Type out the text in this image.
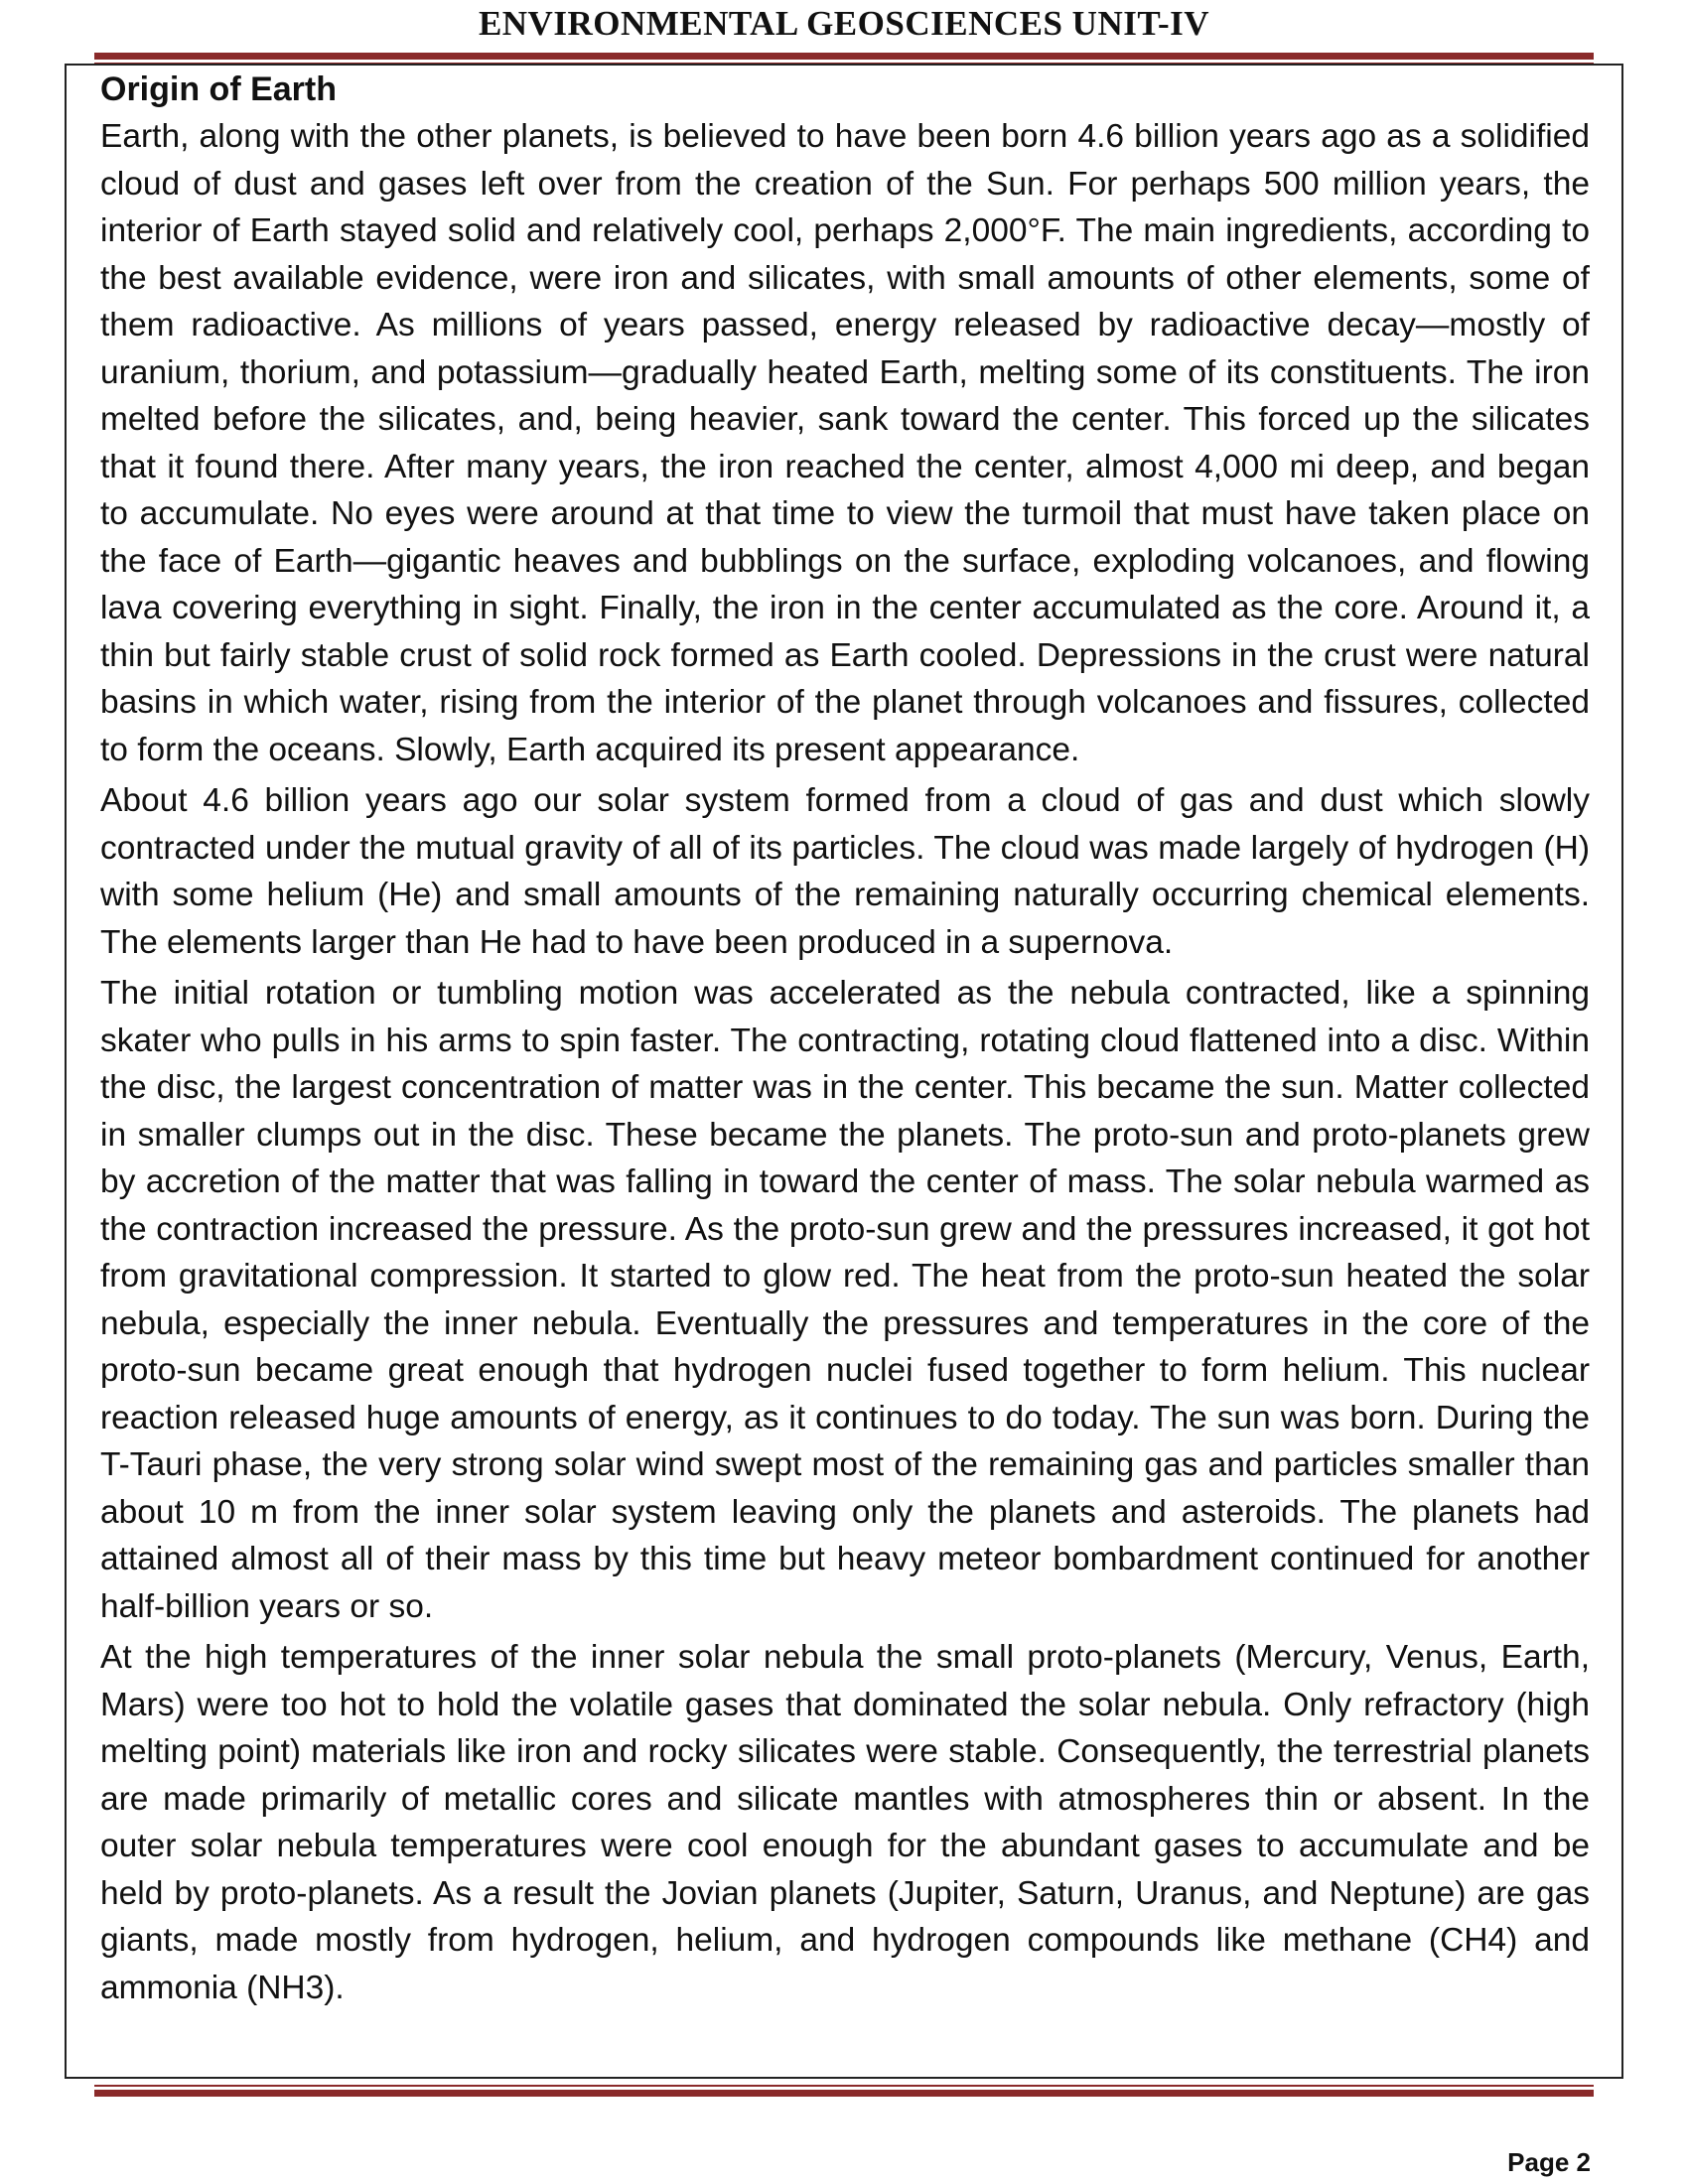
ENVIRONMENTAL GEOSCIENCES UNIT-IV
Origin of Earth

Earth, along with the other planets, is believed to have been born 4.6 billion years ago as a solidified cloud of dust and gases left over from the creation of the Sun. For perhaps 500 million years, the interior of Earth stayed solid and relatively cool, perhaps 2,000°F. The main ingredients, according to the best available evidence, were iron and silicates, with small amounts of other elements, some of them radioactive. As millions of years passed, energy released by radioactive decay—mostly of uranium, thorium, and potassium—gradually heated Earth, melting some of its constituents. The iron melted before the silicates, and, being heavier, sank toward the center. This forced up the silicates that it found there. After many years, the iron reached the center, almost 4,000 mi deep, and began to accumulate. No eyes were around at that time to view the turmoil that must have taken place on the face of Earth—gigantic heaves and bubblings on the surface, exploding volcanoes, and flowing lava covering everything in sight. Finally, the iron in the center accumulated as the core. Around it, a thin but fairly stable crust of solid rock formed as Earth cooled. Depressions in the crust were natural basins in which water, rising from the interior of the planet through volcanoes and fissures, collected to form the oceans. Slowly, Earth acquired its present appearance.

About 4.6 billion years ago our solar system formed from a cloud of gas and dust which slowly contracted under the mutual gravity of all of its particles. The cloud was made largely of hydrogen (H) with some helium (He) and small amounts of the remaining naturally occurring chemical elements. The elements larger than He had to have been produced in a supernova.

The initial rotation or tumbling motion was accelerated as the nebula contracted, like a spinning skater who pulls in his arms to spin faster. The contracting, rotating cloud flattened into a disc. Within the disc, the largest concentration of matter was in the center. This became the sun. Matter collected in smaller clumps out in the disc. These became the planets. The proto-sun and proto-planets grew by accretion of the matter that was falling in toward the center of mass. The solar nebula warmed as the contraction increased the pressure. As the proto-sun grew and the pressures increased, it got hot from gravitational compression. It started to glow red. The heat from the proto-sun heated the solar nebula, especially the inner nebula. Eventually the pressures and temperatures in the core of the proto-sun became great enough that hydrogen nuclei fused together to form helium. This nuclear reaction released huge amounts of energy, as it continues to do today. The sun was born. During the T-Tauri phase, the very strong solar wind swept most of the remaining gas and particles smaller than about 10 m from the inner solar system leaving only the planets and asteroids. The planets had attained almost all of their mass by this time but heavy meteor bombardment continued for another half-billion years or so.

At the high temperatures of the inner solar nebula the small proto-planets (Mercury, Venus, Earth, Mars) were too hot to hold the volatile gases that dominated the solar nebula. Only refractory (high melting point) materials like iron and rocky silicates were stable. Consequently, the terrestrial planets are made primarily of metallic cores and silicate mantles with atmospheres thin or absent. In the outer solar nebula temperatures were cool enough for the abundant gases to accumulate and be held by proto-planets. As a result the Jovian planets (Jupiter, Saturn, Uranus, and Neptune) are gas giants, made mostly from hydrogen, helium, and hydrogen compounds like methane (CH4) and ammonia (NH3).

Page 2
